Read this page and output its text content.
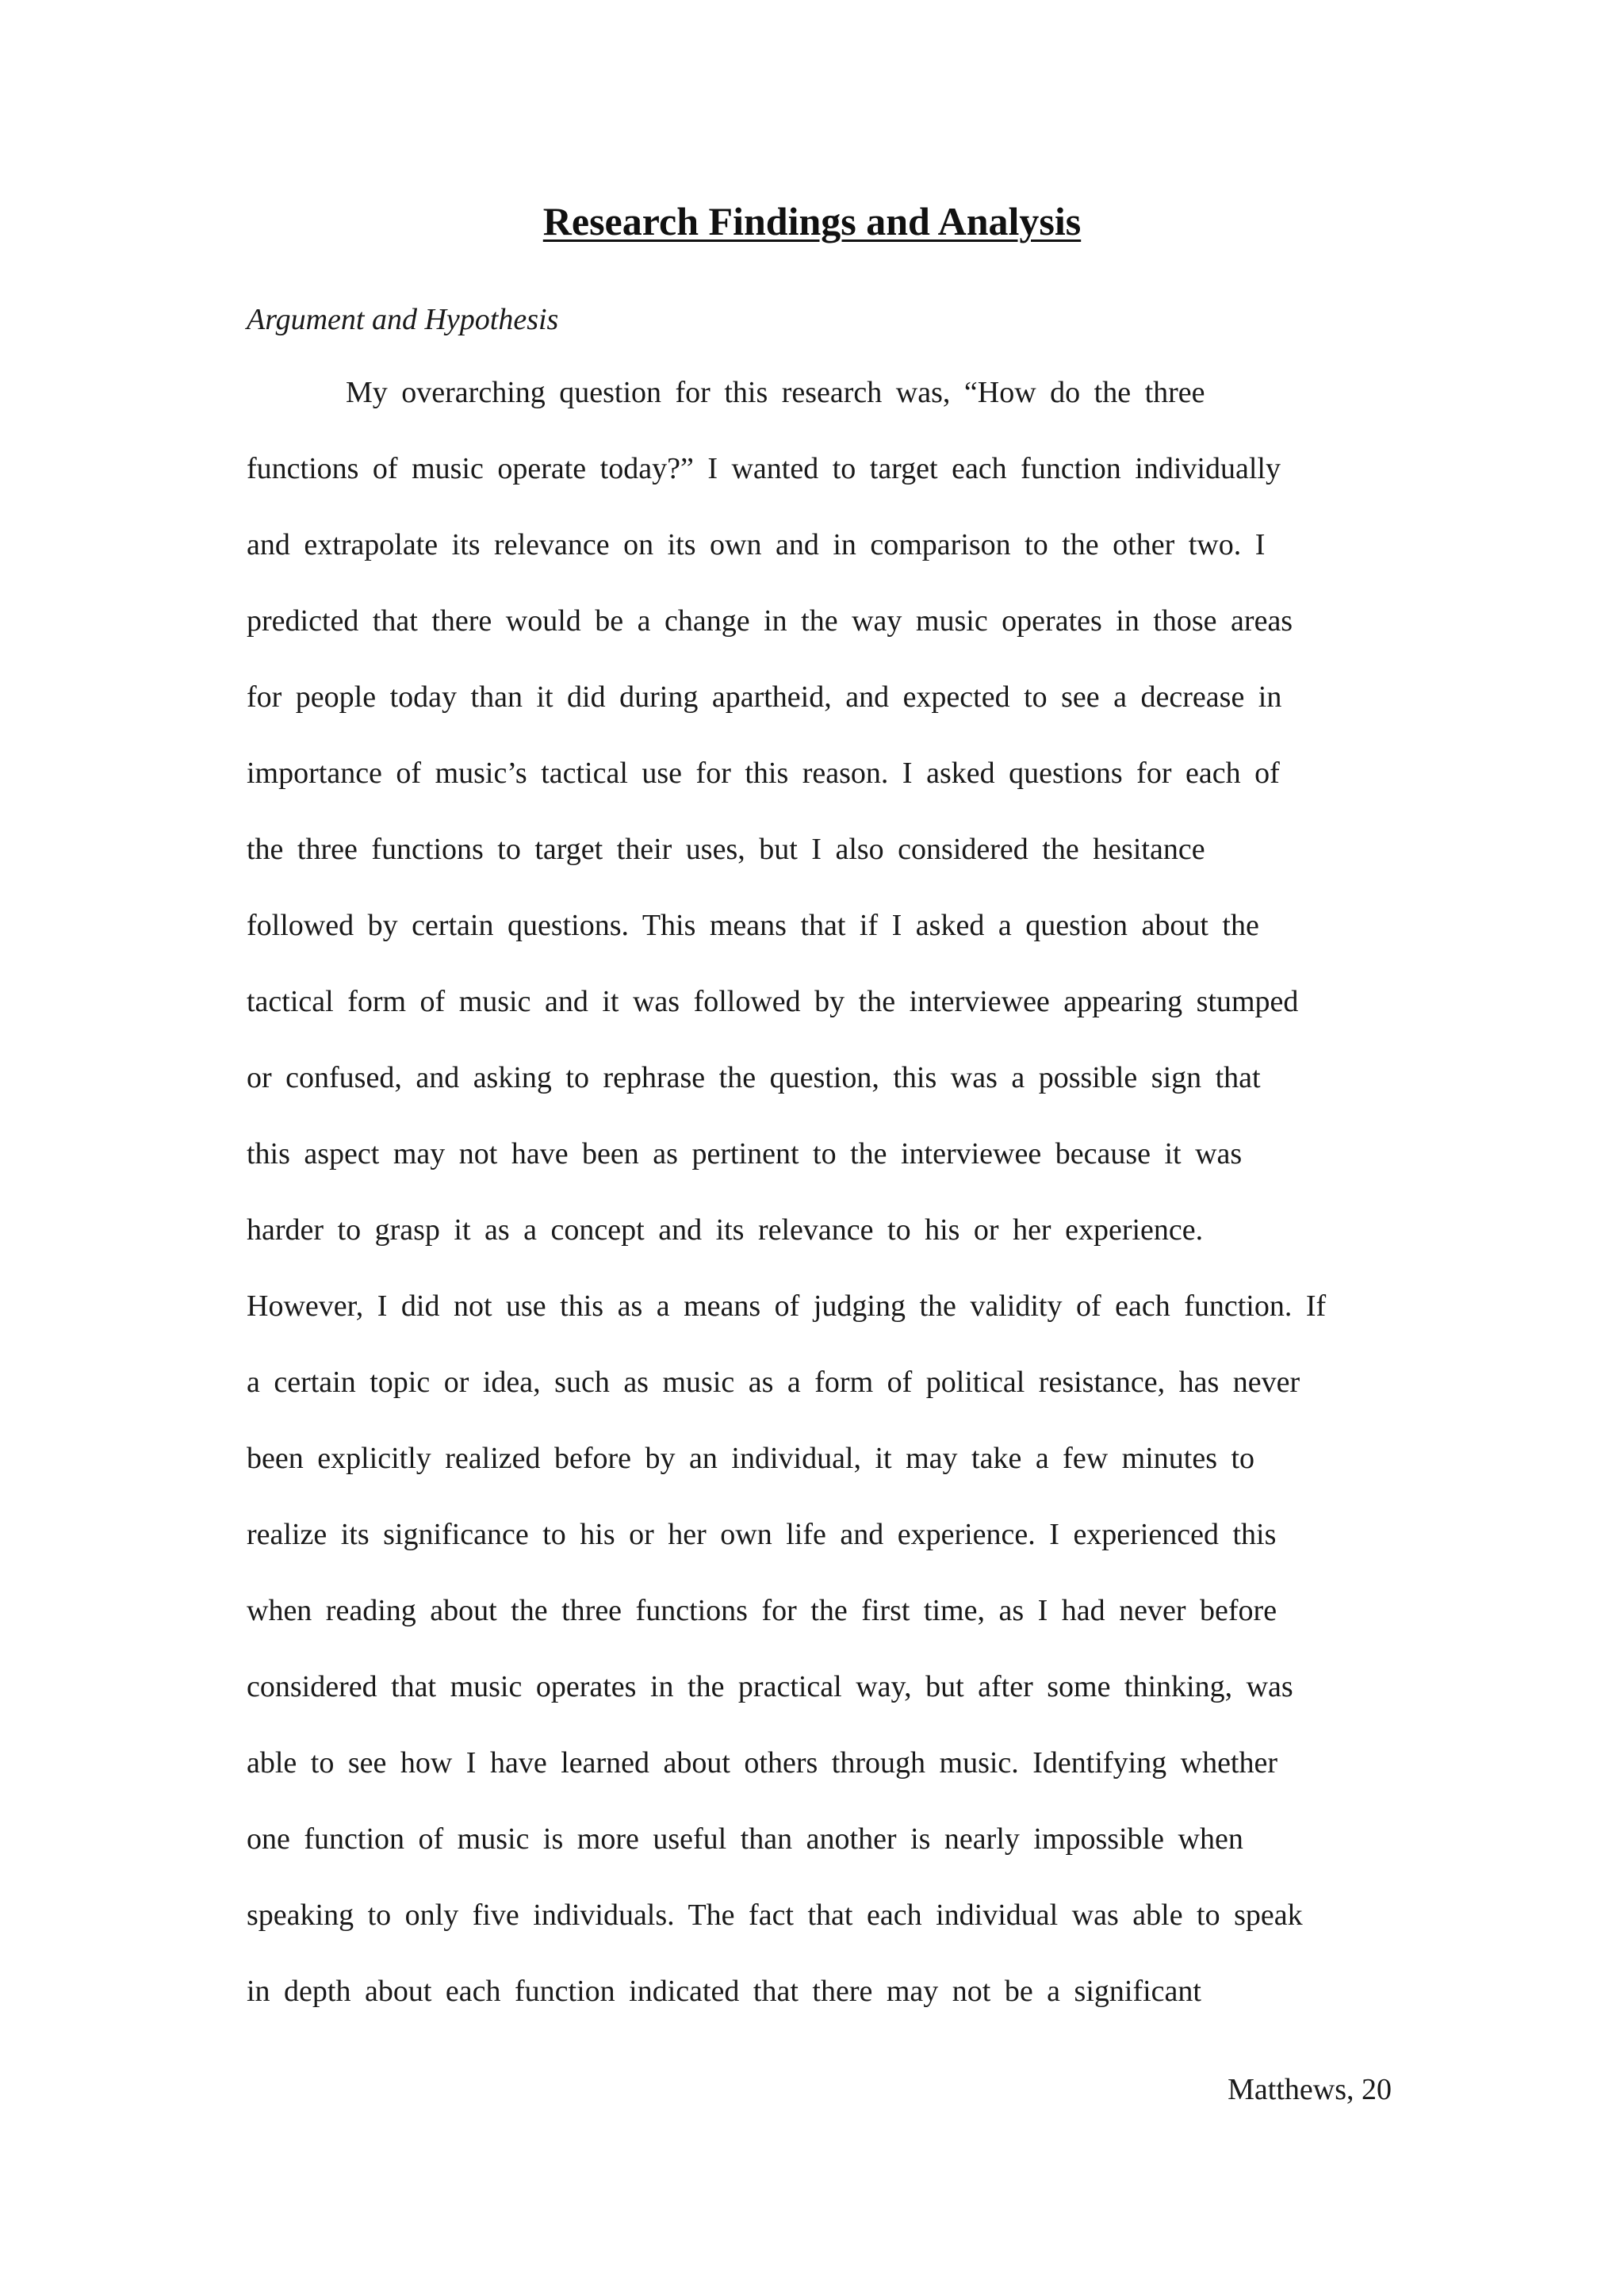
Research Findings and Analysis
Argument and Hypothesis
My overarching question for this research was, “How do the three
functions of music operate today?” I wanted to target each function individually
and extrapolate its relevance on its own and in comparison to the other two. I
predicted that there would be a change in the way music operates in those areas
for people today than it did during apartheid, and expected to see a decrease in
importance of music’s tactical use for this reason. I asked questions for each of
the three functions to target their uses, but I also considered the hesitance
followed by certain questions. This means that if I asked a question about the
tactical form of music and it was followed by the interviewee appearing stumped
or confused, and asking to rephrase the question, this was a possible sign that
this aspect may not have been as pertinent to the interviewee because it was
harder to grasp it as a concept and its relevance to his or her experience.
However, I did not use this as a means of judging the validity of each function. If
a certain topic or idea, such as music as a form of political resistance, has never
been explicitly realized before by an individual, it may take a few minutes to
realize its significance to his or her own life and experience. I experienced this
when reading about the three functions for the first time, as I had never before
considered that music operates in the practical way, but after some thinking, was
able to see how I have learned about others through music. Identifying whether
one function of music is more useful than another is nearly impossible when
speaking to only five individuals. The fact that each individual was able to speak
in depth about each function indicated that there may not be a significant
Matthews, 20
